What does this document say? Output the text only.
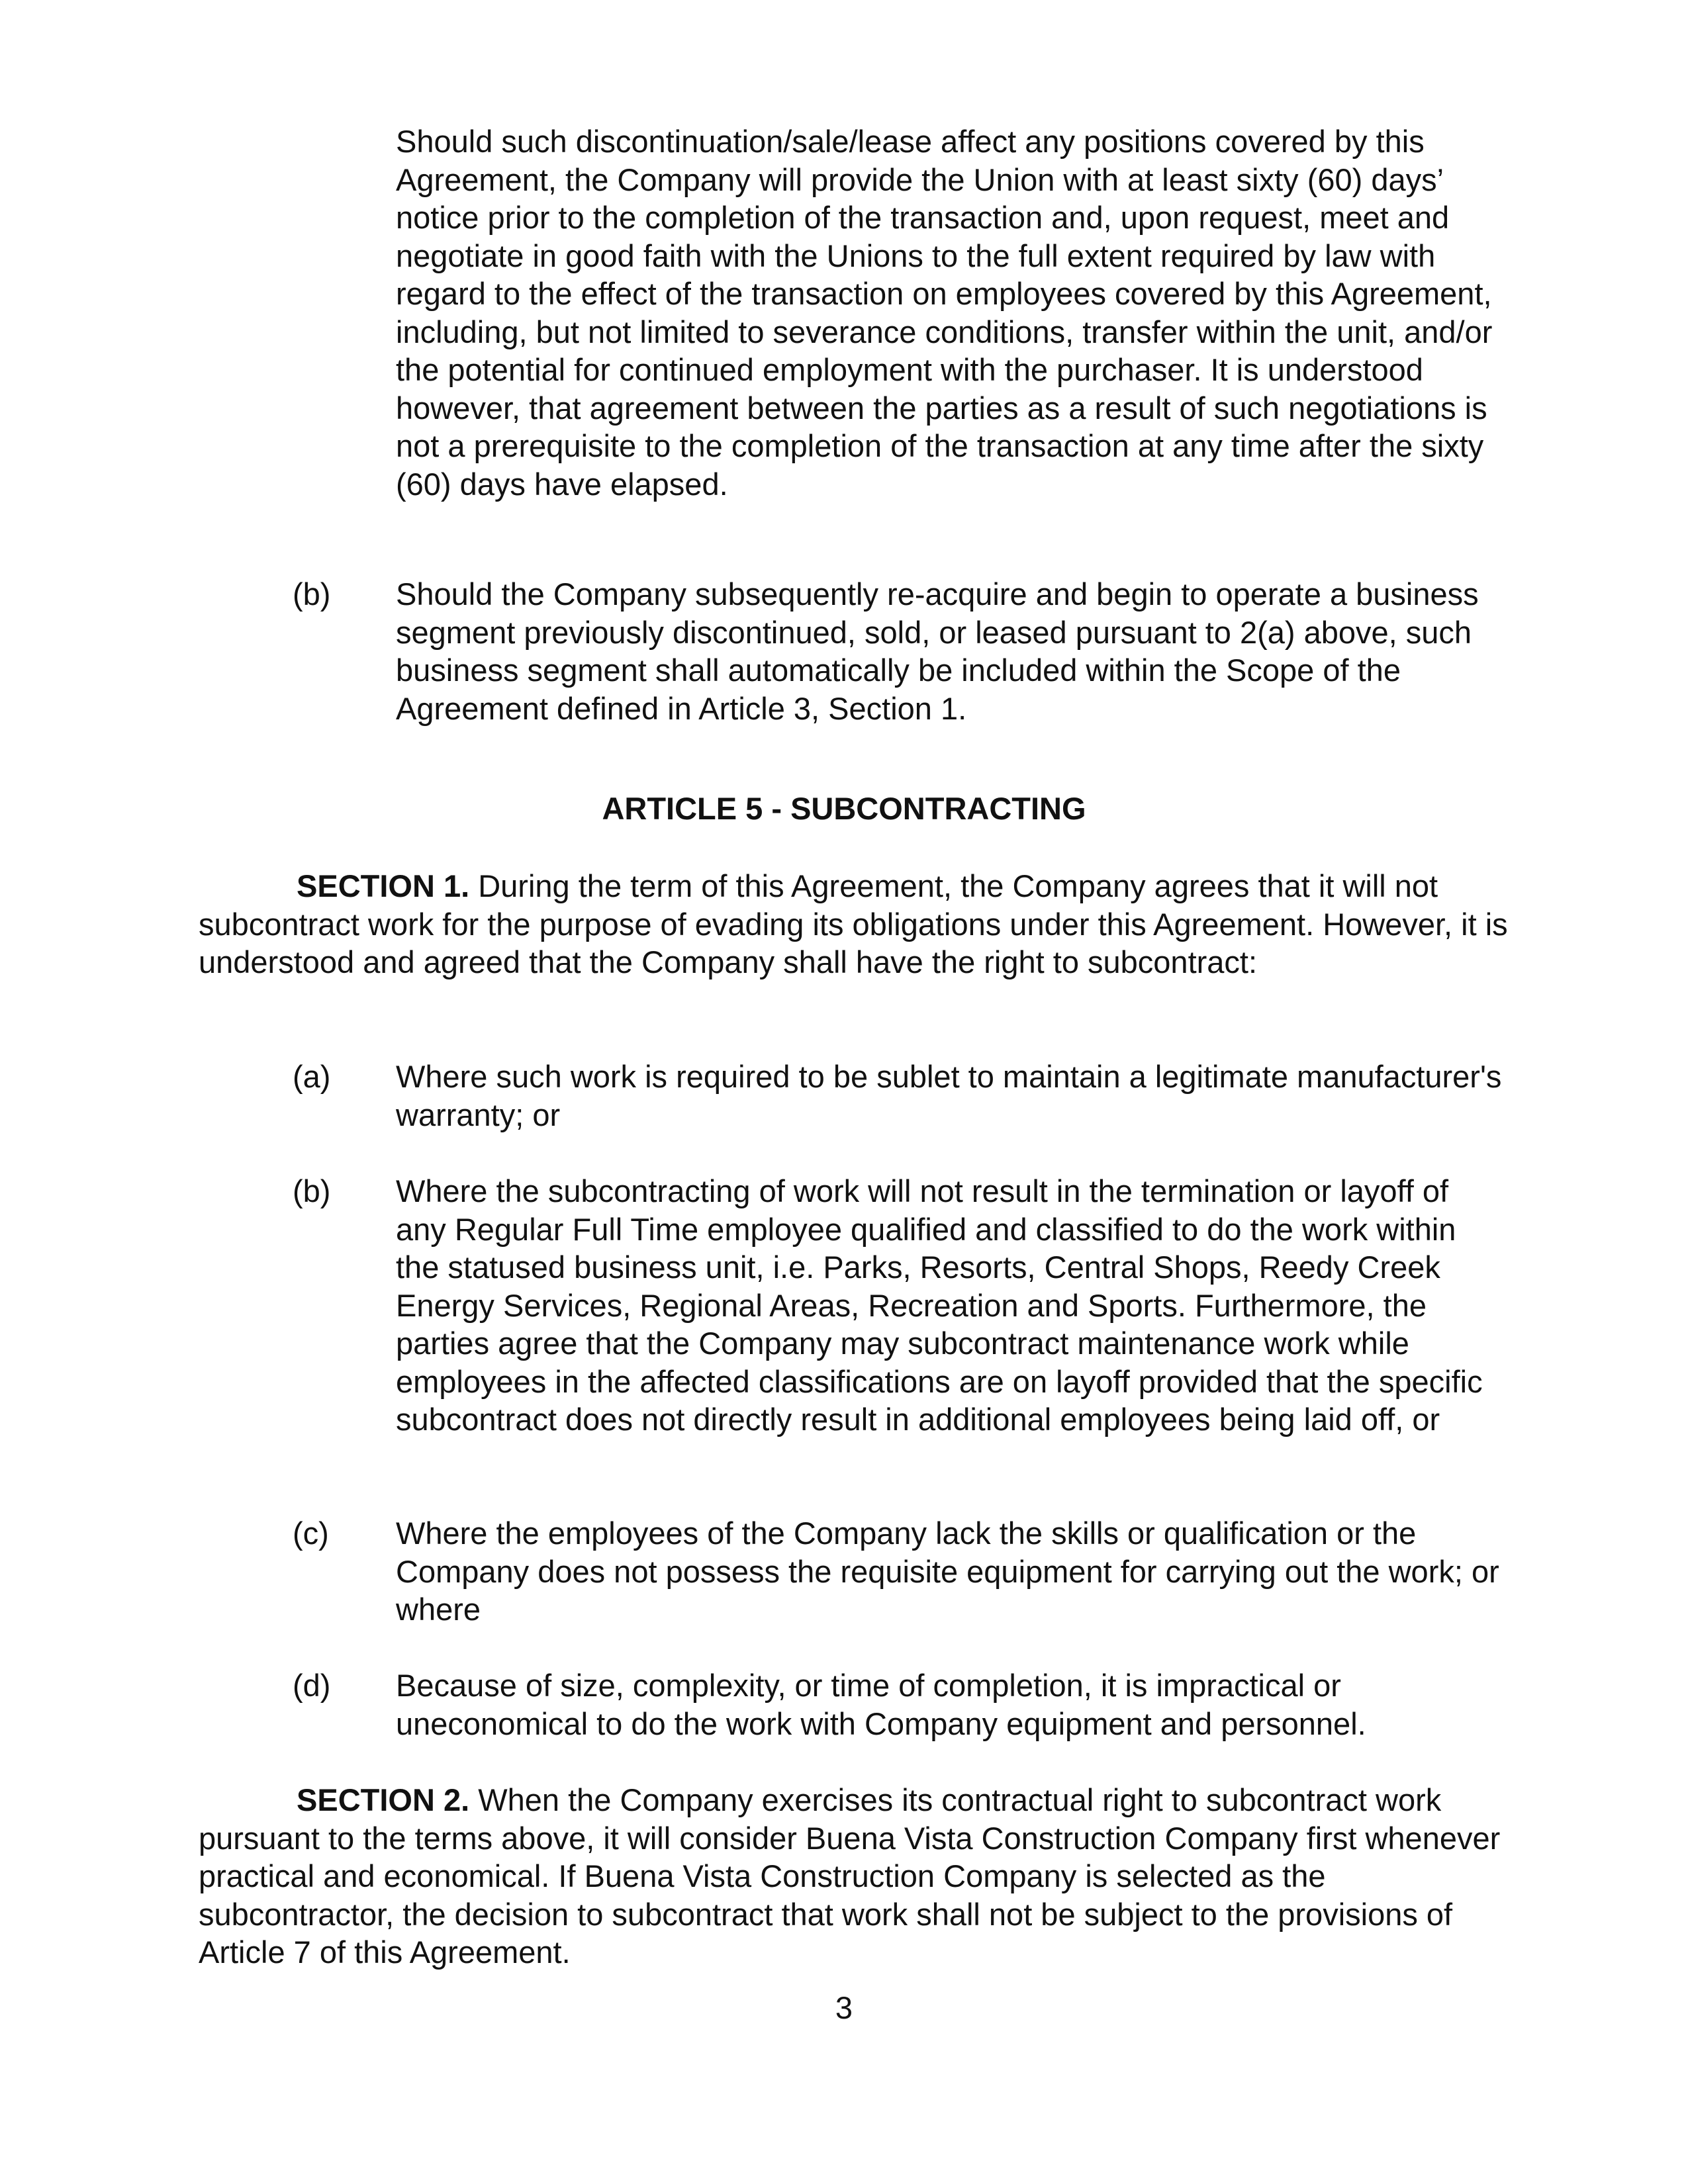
Should such discontinuation/sale/lease affect any positions covered by this Agreement, the Company will provide the Union with at least sixty (60) days’ notice prior to the completion of the transaction and, upon request, meet and negotiate in good faith with the Unions to the full extent required by law with regard to the effect of the transaction on employees covered by this Agreement, including, but not limited to severance conditions, transfer within the unit, and/or the potential for continued employment with the purchaser. It is understood however, that agreement between the parties as a result of such negotiations is not a prerequisite to the completion of the transaction at any time after the sixty (60) days have elapsed.

(b)	Should the Company subsequently re-acquire and begin to operate a business segment previously discontinued, sold, or leased pursuant to 2(a) above, such business segment shall automatically be included within the Scope of the Agreement defined in Article 3, Section 1.
ARTICLE 5 - SUBCONTRACTING

SECTION 1. During the term of this Agreement, the Company agrees that it will not subcontract work for the purpose of evading its obligations under this Agreement. However, it is understood and agreed that the Company shall have the right to subcontract:

(a)	Where such work is required to be sublet to maintain a legitimate manufacturer's warranty; or
(b)	Where the subcontracting of work will not result in the termination or layoff of any Regular Full Time employee qualified and classified to do the work within the statused business unit, i.e. Parks, Resorts, Central Shops, Reedy Creek Energy Services, Regional Areas, Recreation and Sports. Furthermore, the parties agree that the Company may subcontract maintenance work while employees in the affected classifications are on layoff provided that the specific subcontract does not directly result in additional employees being laid off, or
(c)	Where the employees of the Company lack the skills or qualification or the Company does not possess the requisite equipment for carrying out the work; or where
(d)	Because of size, complexity, or time of completion, it is impractical or uneconomical to do the work with Company equipment and personnel.

SECTION 2. When the Company exercises its contractual right to subcontract work pursuant to the terms above, it will consider Buena Vista Construction Company first whenever practical and economical. If Buena Vista Construction Company is selected as the subcontractor, the decision to subcontract that work shall not be subject to the provisions of Article 7 of this Agreement.

3
